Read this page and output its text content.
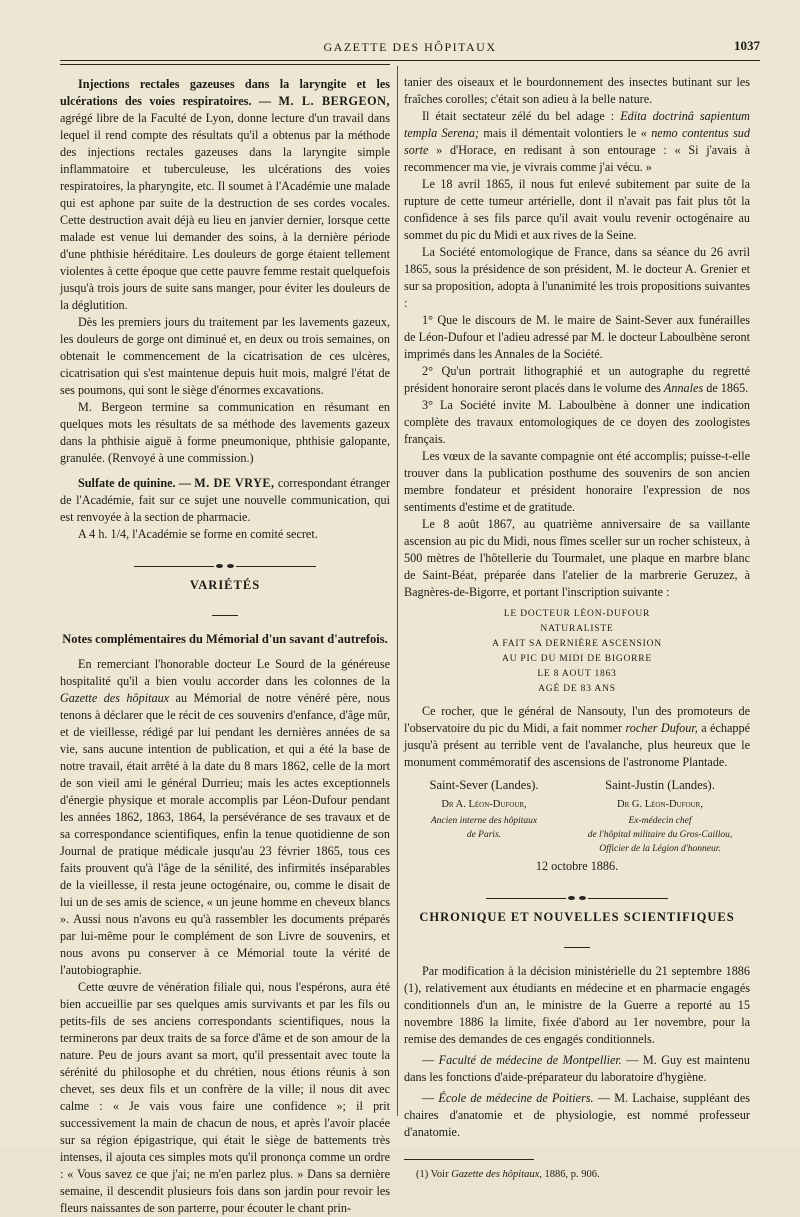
GAZETTE DES HÔPITAUX	1037

Injections rectales gazeuses dans la laryngite et les ulcérations des voies respiratoires. — M. L. BERGEON, agrégé libre de la Faculté de Lyon, donne lecture d'un travail dans lequel il rend compte des résultats qu'il a obtenus par la méthode des injections rectales gazeuses dans la laryngite simple inflammatoire et tuberculeuse, les ulcérations des voies respiratoires, la pharyngite, etc. Il soumet à l'Académie une malade qui est aphone par suite de la destruction de ses cordes vocales. Cette destruction avait déjà eu lieu en janvier dernier, lorsque cette malade est venue lui demander des soins, à la dernière période d'une phthisie héréditaire. Les douleurs de gorge étaient tellement violentes à cette époque que cette pauvre femme restait quelquefois jusqu'à trois jours de suite sans manger, pour éviter les douleurs de la déglutition.

Dès les premiers jours du traitement par les lavements gazeux, les douleurs de gorge ont diminué et, en deux ou trois semaines, on obtenait le commencement de la cicatrisation de ces ulcères, cicatrisation qui s'est maintenue depuis huit mois, malgré l'état de ses poumons, qui sont le siège d'énormes excavations.

M. Bergeon termine sa communication en résumant en quelques mots les résultats de sa méthode des lavements gazeux dans la phthisie aiguë à forme pneumonique, phthisie galopante, granulée. (Renvoyé à une commission.)

Sulfate de quinine. — M. DE VRYE, correspondant étranger de l'Académie, fait sur ce sujet une nouvelle communication, qui est renvoyée à la section de pharmacie.

A 4 h. 1/4, l'Académie se forme en comité secret.

VARIÉTÉS

Notes complémentaires du Mémorial d'un savant d'autrefois.

En remerciant l'honorable docteur Le Sourd de la généreuse hospitalité qu'il a bien voulu accorder dans les colonnes de la Gazette des hôpitaux au Mémorial de notre vénéré père, nous tenons à déclarer que le récit de ces souvenirs d'enfance, d'âge mûr, et de vieillesse, rédigé par lui pendant les dernières années de sa vie, sans aucune intention de publication, et qui a été la base de notre travail, était arrêté à la date du 8 mars 1862, celle de la mort de son vieil ami le général Durrieu; mais les actes exceptionnels d'énergie physique et morale accomplis par Léon-Dufour pendant les années 1862, 1863, 1864, la persévérance de ses travaux et de sa correspondance scientifiques, enfin la tenue quotidienne de son Journal de pratique médicale jusqu'au 23 février 1865, tous ces faits prouvent qu'à l'âge de la sénilité, des infirmités inséparables de la vieillesse, il resta jeune octogénaire, ou, comme le disait de lui un de ses amis de science, « un jeune homme en cheveux blancs ». Aussi nous n'avons eu qu'à rassembler les documents préparés par lui-même pour le complément de son Livre de souvenirs, et nous avons pu conserver à ce Mémorial toute la vérité de l'autobiographie.

Cette œuvre de vénération filiale qui, nous l'espérons, aura été bien accueillie par ses quelques amis survivants et par les fils ou petits-fils de ses anciens correspondants scientifiques, nous la terminerons par deux traits de sa force d'âme et de son amour de la nature. Peu de jours avant sa mort, qu'il pressentait avec toute la sérénité du philosophe et du chrétien, nous étions réunis à son chevet, ses deux fils et un confrère de la ville; il nous dit avec calme : « Je vais vous faire une confidence »; il prit successivement la main de chacun de nous, et après l'avoir placée sur sa région épigastrique, qui était le siège de battements très intenses, il ajouta ces simples mots qu'il prononça comme un ordre : « Vous savez ce que j'ai; ne m'en parlez plus. » Dans sa dernière semaine, il descendit plusieurs fois dans son jardin pour revoir les fleurs naissantes de son parterre, pour écouter le chant prin-

tanier des oiseaux et le bourdonnement des insectes butinant sur les fraîches corolles; c'était son adieu à la belle nature.

Il était sectateur zélé du bel adage : Edita doctrinâ sapientum templa Serena; mais il démentait volontiers le « nemo contentus sud sorte » d'Horace, en redisant à son entourage : « Si j'avais à recommencer ma vie, je vivrais comme j'ai vécu. »

Le 18 avril 1865, il nous fut enlevé subitement par suite de la rupture de cette tumeur artérielle, dont il n'avait pas fait plus tôt la confidence à ses fils parce qu'il avait voulu revenir octogénaire au sommet du pic du Midi et aux rives de la Seine.

La Société entomologique de France, dans sa séance du 26 avril 1865, sous la présidence de son président, M. le docteur A. Grenier et sur sa proposition, adopta à l'unanimité les trois propositions suivantes :

1° Que le discours de M. le maire de Saint-Sever aux funérailles de Léon-Dufour et l'adieu adressé par M. le docteur Laboulbène seront imprimés dans les Annales de la Société.

2° Qu'un portrait lithographié et un autographe du regretté président honoraire seront placés dans le volume des Annales de 1865.

3° La Société invite M. Laboulbène à donner une indication complète des travaux entomologiques de ce doyen des zoologistes français.

Les vœux de la savante compagnie ont été accomplis; puisse-t-elle trouver dans la publication posthume des souvenirs de son ancien membre fondateur et président honoraire l'expression de nos sentiments d'estime et de gratitude.

Le 8 août 1867, au quatrième anniversaire de sa vaillante ascension au pic du Midi, nous fîmes sceller sur un rocher schisteux, à 500 mètres de l'hôtellerie du Tourmalet, une plaque en marbre blanc de Saint-Béat, préparée dans l'atelier de la marbrerie Geruzez, à Bagnères-de-Bigorre, et portant l'inscription suivante :

LE DOCTEUR LÉON-DUFOUR
NATURALISTE
A FAIT SA DERNIÈRE ASCENSION
AU PIC DU MIDI DE BIGORRE
LE 8 AOUT 1863
AGÉ DE 83 ANS

Ce rocher, que le général de Nansouty, l'un des promoteurs de l'observatoire du pic du Midi, a fait nommer rocher Dufour, a échappé jusqu'à présent au terrible vent de l'avalanche, plus heureux que le monument commémoratif des ascensions de l'astronome Plantade.

Saint-Sever (Landes).
Dr A. Léon-Dufour,
Ancien interne des hôpitaux
de Paris.
Saint-Justin (Landes).
Dr G. Léon-Dufour,
Ex-médecin chef
de l'hôpital militaire du Gros-Caillou,
Officier de la Légion d'honneur.
12 octobre 1886.

CHRONIQUE ET NOUVELLES SCIENTIFIQUES

Par modification à la décision ministérielle du 21 septembre 1886 (1), relativement aux étudiants en médecine et en pharmacie engagés conditionnels d'un an, le ministre de la Guerre a reporté au 15 novembre 1886 la limite, fixée d'abord au 1er novembre, pour la remise des demandes de ces engagés conditionnels.

— Faculté de médecine de Montpellier. — M. Guy est maintenu dans les fonctions d'aide-préparateur du laboratoire d'hygiène.

— École de médecine de Poitiers. — M. Lachaise, suppléant des chaires d'anatomie et de physiologie, est nommé professeur d'anatomie.

(1) Voir Gazette des hôpitaux, 1886, p. 906.
